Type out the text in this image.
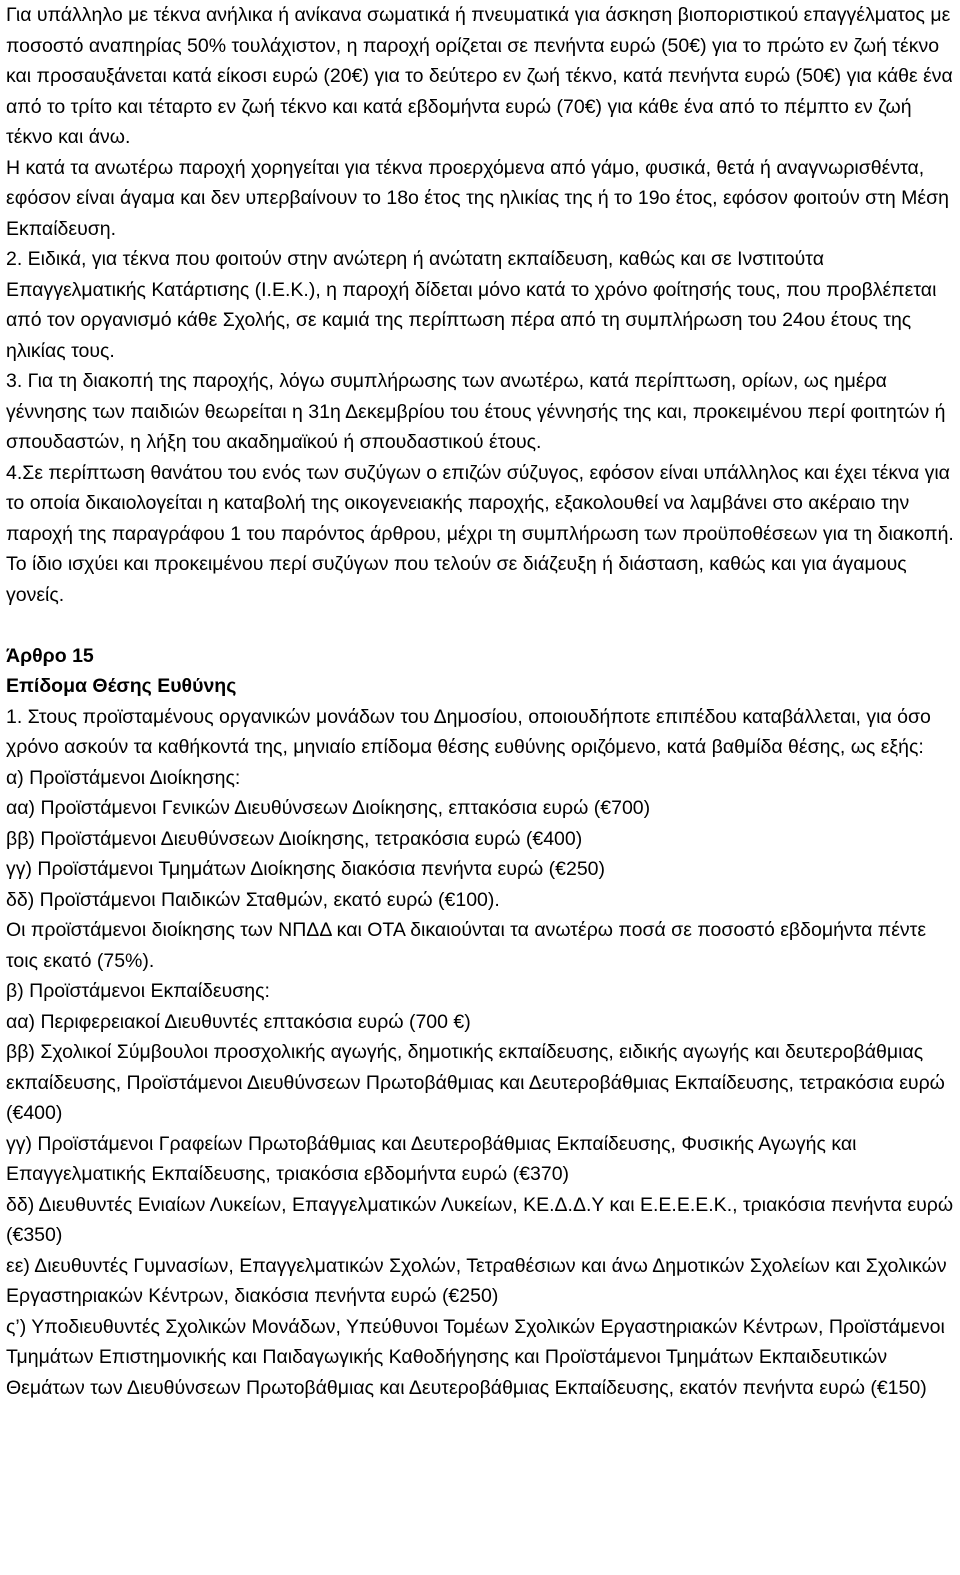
Για υπάλληλο με τέκνα ανήλικα ή ανίκανα σωματικά ή πνευματικά για άσκηση βιοποριστικού επαγγέλματος με ποσοστό αναπηρίας 50% τουλάχιστον, η παροχή ορίζεται σε πενήντα ευρώ (50€) για το πρώτο εν ζωή τέκνο και προσαυξάνεται κατά είκοσι ευρώ (20€) για το δεύτερο εν ζωή τέκνο, κατά πενήντα ευρώ (50€) για κάθε ένα από το τρίτο και τέταρτο εν ζωή τέκνο και κατά εβδομήντα ευρώ (70€) για κάθε ένα από το πέμπτο εν ζωή τέκνο και άνω.

Η κατά τα ανωτέρω παροχή χορηγείται για τέκνα προερχόμενα από γάμο, φυσικά, θετά ή αναγνωρισθέντα, εφόσον είναι άγαμα και δεν υπερβαίνουν το 18ο έτος της ηλικίας της ή το 19ο έτος, εφόσον φοιτούν στη Μέση Εκπαίδευση.

2. Ειδικά, για τέκνα που φοιτούν στην ανώτερη ή ανώτατη εκπαίδευση, καθώς και σε Ινστιτούτα Επαγγελματικής Κατάρτισης (Ι.Ε.Κ.), η παροχή δίδεται μόνο κατά το χρόνο φοίτησής τους, που προβλέπεται από τον οργανισμό κάθε Σχολής, σε καμιά της περίπτωση πέρα από τη συμπλήρωση του 24ου έτους της ηλικίας τους.

3. Για τη διακοπή της παροχής, λόγω συμπλήρωσης των ανωτέρω, κατά περίπτωση, ορίων, ως ημέρα γέννησης των παιδιών θεωρείται η 31η Δεκεμβρίου του έτους γέννησής της και, προκειμένου περί φοιτητών ή σπουδαστών, η λήξη του ακαδημαϊκού ή σπουδαστικού έτους.

4.Σε περίπτωση θανάτου του ενός των συζύγων ο επιζών σύζυγος, εφόσον είναι υπάλληλος και έχει τέκνα για το οποία δικαιολογείται η καταβολή της οικογενειακής παροχής, εξακολουθεί να λαμβάνει στο ακέραιο την παροχή της παραγράφου 1 του παρόντος άρθρου, μέχρι τη συμπλήρωση των προϋποθέσεων για τη διακοπή. Το ίδιο ισχύει και προκειμένου περί συζύγων που τελούν σε διάζευξη ή διάσταση, καθώς και για άγαμους γονείς.

Άρθρο 15

Επίδομα Θέσης Ευθύνης

1. Στους προϊσταμένους οργανικών μονάδων του Δημοσίου, οποιουδήποτε επιπέδου καταβάλλεται, για όσο χρόνο ασκούν τα καθήκοντά της, μηνιαίο επίδομα θέσης ευθύνης οριζόμενο, κατά βαθμίδα θέσης, ως εξής:

α) Προϊστάμενοι Διοίκησης:

αα) Προϊστάμενοι Γενικών Διευθύνσεων Διοίκησης, επτακόσια ευρώ (€700)

ββ) Προϊστάμενοι Διευθύνσεων Διοίκησης, τετρακόσια ευρώ (€400)

γγ) Προϊστάμενοι Τμημάτων Διοίκησης διακόσια πενήντα ευρώ (€250)

δδ) Προϊστάμενοι Παιδικών Σταθμών, εκατό ευρώ (€100).

Οι προϊστάμενοι διοίκησης των ΝΠΔΔ και ΟΤΑ δικαιούνται τα ανωτέρω ποσά σε ποσοστό εβδομήντα πέντε τοις εκατό (75%).

β) Προϊστάμενοι Εκπαίδευσης:

αα) Περιφερειακοί Διευθυντές επτακόσια ευρώ (700 €)

ββ) Σχολικοί Σύμβουλοι προσχολικής αγωγής, δημοτικής εκπαίδευσης, ειδικής αγωγής και δευτεροβάθμιας εκπαίδευσης, Προϊστάμενοι Διευθύνσεων Πρωτοβάθμιας και Δευτεροβάθμιας Εκπαίδευσης, τετρακόσια ευρώ (€400)

γγ) Προϊστάμενοι Γραφείων Πρωτοβάθμιας και Δευτεροβάθμιας Εκπαίδευσης, Φυσικής Αγωγής και Επαγγελματικής Εκπαίδευσης, τριακόσια εβδομήντα ευρώ (€370)

δδ) Διευθυντές Ενιαίων Λυκείων, Επαγγελματικών Λυκείων, ΚΕ.Δ.Δ.Υ και Ε.Ε.Ε.Ε.Κ., τριακόσια πενήντα ευρώ (€350)

εε) Διευθυντές Γυμνασίων, Επαγγελματικών Σχολών, Τετραθέσιων και άνω Δημοτικών Σχολείων και Σχολικών Εργαστηριακών Κέντρων, διακόσια πενήντα ευρώ (€250)

ς’) Υποδιευθυντές Σχολικών Μονάδων, Υπεύθυνοι Τομέων Σχολικών Εργαστηριακών Κέντρων, Προϊστάμενοι Τμημάτων Επιστημονικής και Παιδαγωγικής Καθοδήγησης και Προϊστάμενοι Τμημάτων Εκπαιδευτικών Θεμάτων των Διευθύνσεων Πρωτοβάθμιας και Δευτεροβάθμιας Εκπαίδευσης, εκατόν πενήντα ευρώ (€150)
